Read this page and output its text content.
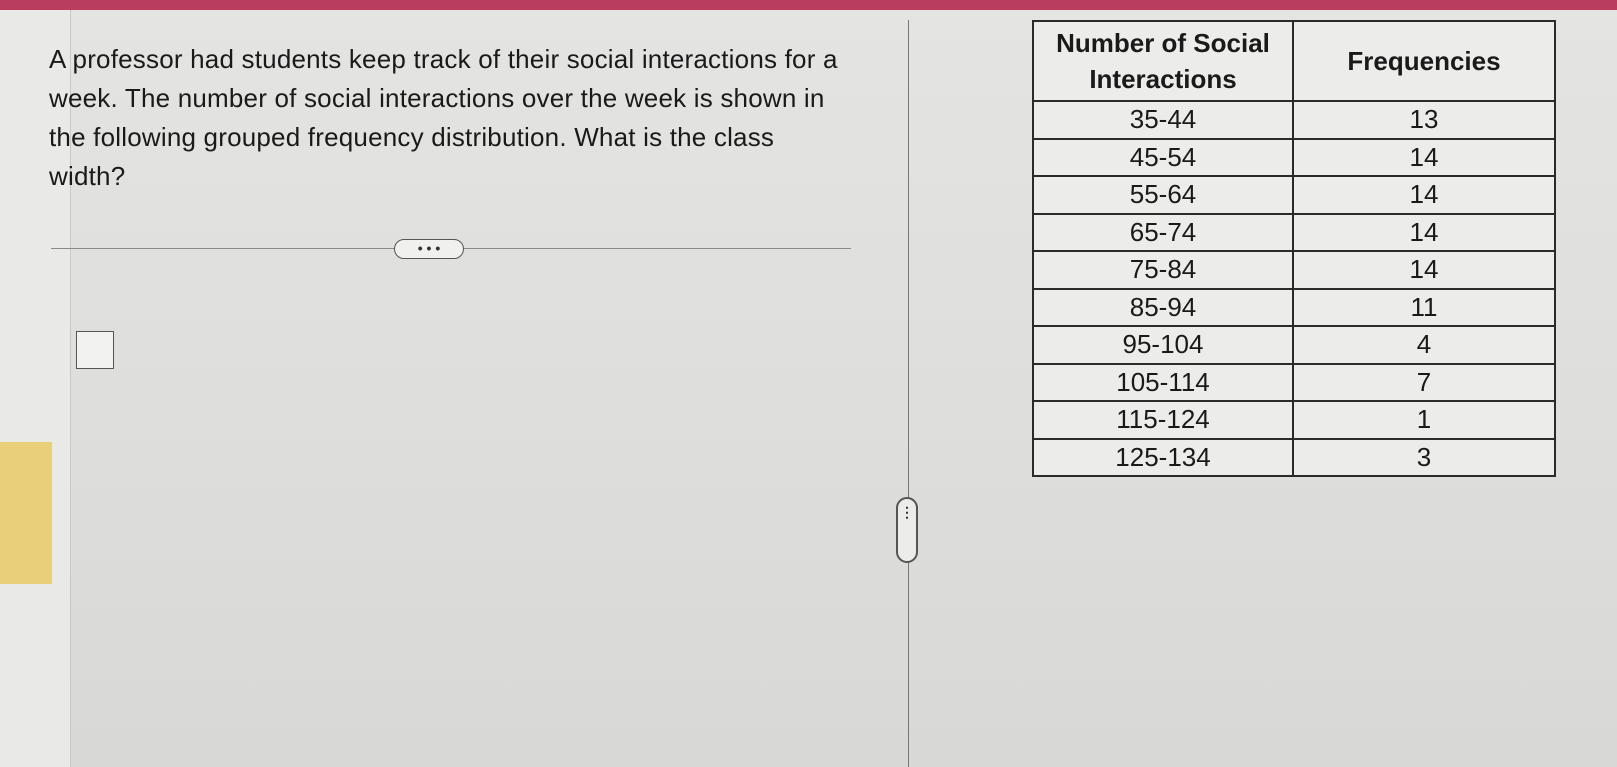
A professor had students keep track of their social interactions for a week. The number of social interactions over the week is shown in the following grouped frequency distribution. What is the class width?
• • •
⋮
Number of Social Interactions	Frequencies
35-44	13
45-54	14
55-64	14
65-74	14
75-84	14
85-94	11
95-104	4
105-114	7
115-124	1
125-134	3
